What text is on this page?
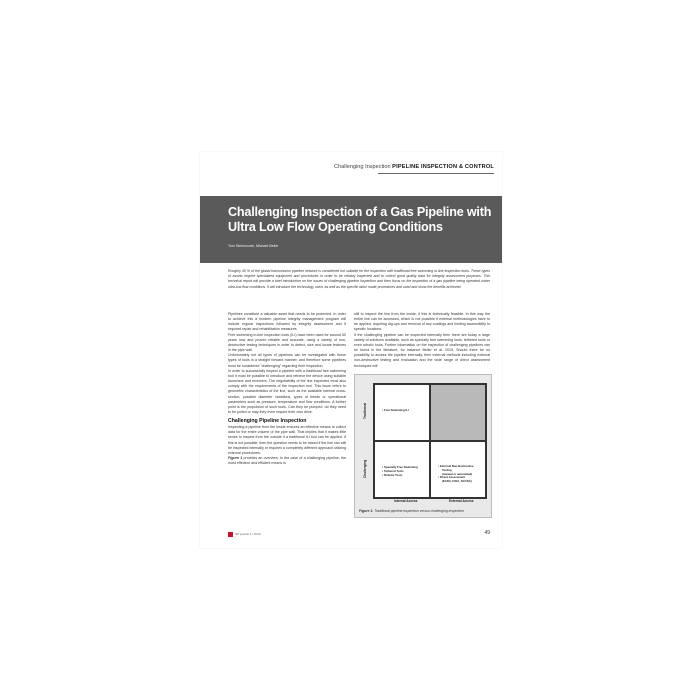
Challenging Inspection PIPELINE INSPECTION & CONTROL
Challenging Inspection of a Gas Pipeline with Ultra Low Flow Operating Conditions
Tom Steinvoorte, Michael Beller
Roughly 40 % of the global transmission pipeline network is considered not suitable for the inspection with traditional free swimming in-line inspection tools. These types of assets require specialized equipment and procedures in order to be reliably inspected and to collect good quality data for integrity assessment purposes. This technical report will provide a brief introduction on the issues of challenging pipeline inspection and then focus on the inspection of a gas pipeline being operated under ultra-low flow conditions. It will introduce the technology used, as well as the specific tailor made procedures and used and show the benefits achieved.

Pipelines constitute a valuable asset that needs to be protected. In order to achieve this a modern pipeline integrity management program will include regular inspections followed by integrity assessment and if required repair and rehabilitation measures.

Free swimming in-line inspection tools (ILI) have been used for around 50 years now and proven reliable and accurate, using a variety of non-destructive testing techniques in order to detect, size and locate features in the pipe wall.

Unfortunately not all types of pipelines can be investigated with these types of tools in a straight forward manner, and therefore some pipelines must be considered "challenging" regarding their inspection.

In order to successfully inspect a pipeline with a traditional free swimming tool it must be possible to introduce and retrieve the device using suitable launchers and receivers. The negotiability of the line inspected must also comply with the requirements of the inspection tool. This issue refers to geometric characteristics of the line, such as the available internal cross-section, possible diameter variations, types of bends or operational parameters such as pressure, temperature and flow conditions. A further point is the propulsion of such tools. Can they be pumped, do they need to be pulled or may they even require their own drive.

Challenging Pipeline Inspection

Inspecting a pipeline from the inside ensures an effective means to collect data for the entire volume of the pipe wall. That implies that it makes little sense to inspect from the outside if a traditional ILI tool can be applied. If this is not possible, then the question needs to be raised if the line can still be inspected internally or requires a completely different approach utilizing external procedures.

Figure 1 provides an overview. In the case of a challenging pipeline, the most effective and efficient means is

still to inspect the line from the inside, if this is technically feasible. In this way the entire line can be accessed, which is not possible if external methodologies have to be applied, requiring dig-ups and removal of any coatings and limiting accessibility to specific locations.

If the challenging pipeline can be inspected internally then there are today a large variety of solutions available, such as specialty free swimming tools, tethered tools or even robotic tools. Further information on the inspection of challenging pipelines can be found in the literature, for instance Beller et al. 2015. Should there be no possibility to access the pipeline internally, then external methods including external non-destructive testing and evaluation and the wide range of direct assessment techniques will

▪ Free Swimming ILI
▪ Specialty Free Swimming
▪ Tethered Tools
▪ Robotic Tools
▪ External Non-Destructive
Testing
(manual or automated)
▪ Direct Assessment
(ECDA, ICDA, SCCDA)
Traditional
Challenging
Internal Access	External Access
Figure 1: Traditional pipeline inspection versus challenging inspection
3R special 1 / 2016	49
